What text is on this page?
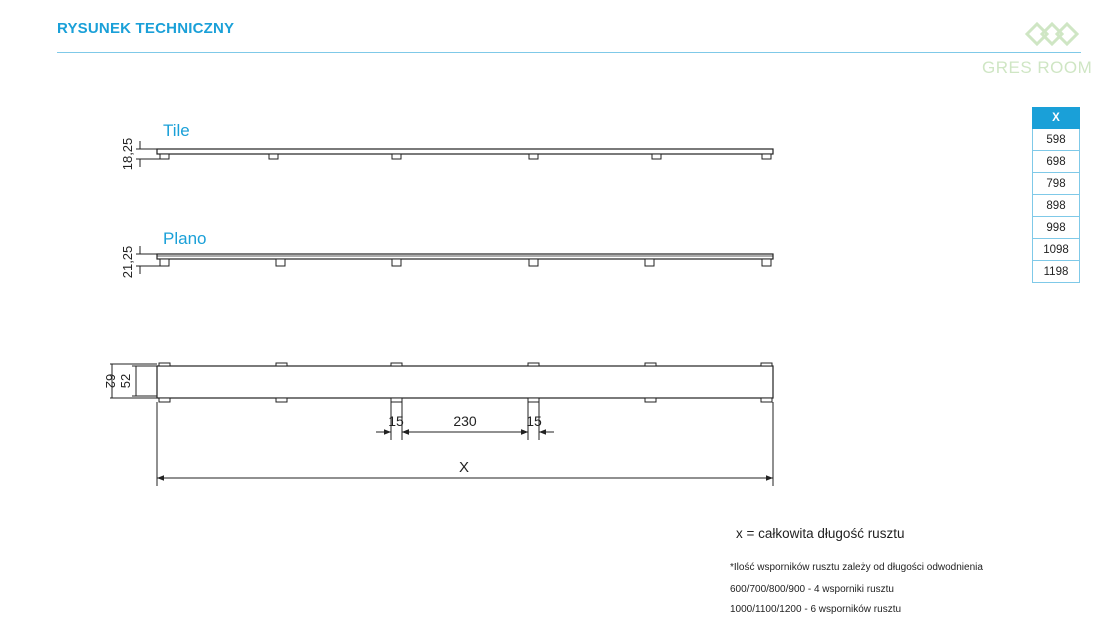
RYSUNEK TECHNICZNY
GRES ROOM
X
598
698
798
898
998
1098
1198
Tile
18,25
Plano
21,25
62 52
15	230	15
X
x = całkowita długość rusztu
*Ilość wsporników rusztu zależy od długości odwodnienia
600/700/800/900 - 4 wsporniki rusztu
1000/1100/1200 - 6 wsporników rusztu
